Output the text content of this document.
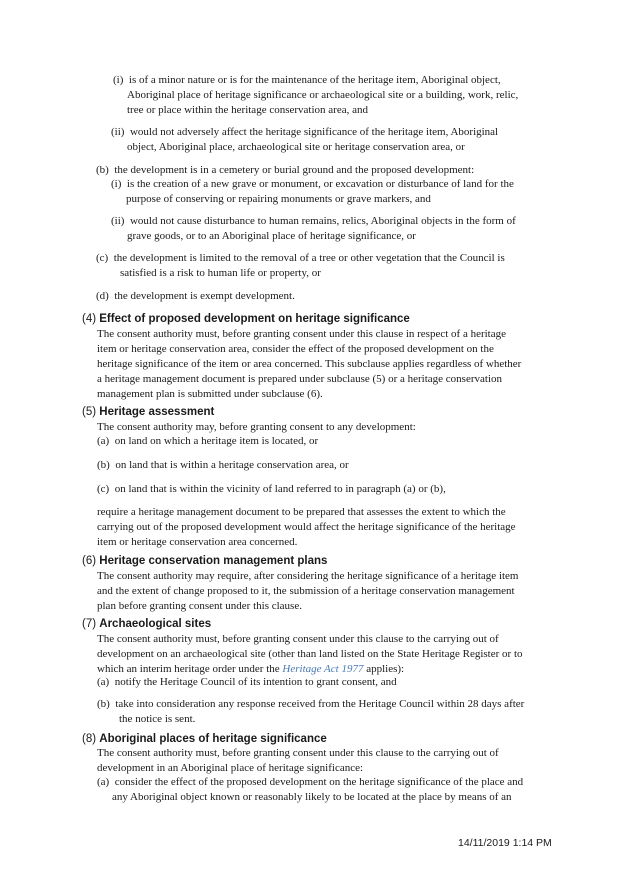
(i) is of a minor nature or is for the maintenance of the heritage item, Aboriginal object,
Aboriginal place of heritage significance or archaeological site or a building, work, relic,
tree or place within the heritage conservation area, and
(ii) would not adversely affect the heritage significance of the heritage item, Aboriginal
object, Aboriginal place, archaeological site or heritage conservation area, or
(b) the development is in a cemetery or burial ground and the proposed development:
(i) is the creation of a new grave or monument, or excavation or disturbance of land for the
purpose of conserving or repairing monuments or grave markers, and
(ii) would not cause disturbance to human remains, relics, Aboriginal objects in the form of
grave goods, or to an Aboriginal place of heritage significance, or
(c) the development is limited to the removal of a tree or other vegetation that the Council is
satisfied is a risk to human life or property, or
(d) the development is exempt development.
(4) Effect of proposed development on heritage significance
The consent authority must, before granting consent under this clause in respect of a heritage
item or heritage conservation area, consider the effect of the proposed development on the
heritage significance of the item or area concerned. This subclause applies regardless of whether
a heritage management document is prepared under subclause (5) or a heritage conservation
management plan is submitted under subclause (6).
(5) Heritage assessment
The consent authority may, before granting consent to any development:
(a) on land on which a heritage item is located, or
(b) on land that is within a heritage conservation area, or
(c) on land that is within the vicinity of land referred to in paragraph (a) or (b),
require a heritage management document to be prepared that assesses the extent to which the
carrying out of the proposed development would affect the heritage significance of the heritage
item or heritage conservation area concerned.
(6) Heritage conservation management plans
The consent authority may require, after considering the heritage significance of a heritage item
and the extent of change proposed to it, the submission of a heritage conservation management
plan before granting consent under this clause.
(7) Archaeological sites
The consent authority must, before granting consent under this clause to the carrying out of
development on an archaeological site (other than land listed on the State Heritage Register or to
which an interim heritage order under the Heritage Act 1977 applies):
(a) notify the Heritage Council of its intention to grant consent, and
(b) take into consideration any response received from the Heritage Council within 28 days after
the notice is sent.
(8) Aboriginal places of heritage significance
The consent authority must, before granting consent under this clause to the carrying out of
development in an Aboriginal place of heritage significance:
(a) consider the effect of the proposed development on the heritage significance of the place and
any Aboriginal object known or reasonably likely to be located at the place by means of an
14/11/2019 1:14 PM
